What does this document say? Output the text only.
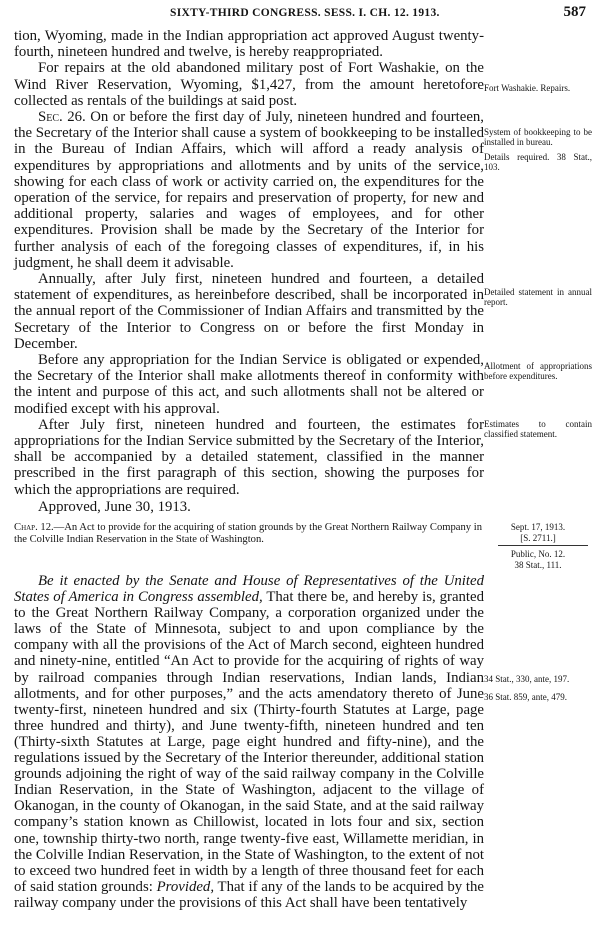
SIXTY-THIRD CONGRESS. SESS. I. CH. 12. 1913.	587

tion, Wyoming, made in the Indian appropriation act approved August twenty-fourth, nineteen hundred and twelve, is hereby reappropriated.

For repairs at the old abandoned military post of Fort Washakie, on the Wind River Reservation, Wyoming, $1,427, from the amount heretofore collected as rentals of the buildings at said post.

Sec. 26. On or before the first day of July, nineteen hundred and fourteen, the Secretary of the Interior shall cause a system of bookkeeping to be installed in the Bureau of Indian Affairs, which will afford a ready analysis of expenditures by appropriations and allotments and by units of the service, showing for each class of work or activity carried on, the expenditures for the operation of the service, for repairs and preservation of property, for new and additional property, salaries and wages of employees, and for other expenditures. Provision shall be made by the Secretary of the Interior for further analysis of each of the foregoing classes of expenditures, if, in his judgment, he shall deem it advisable.

Annually, after July first, nineteen hundred and fourteen, a detailed statement of expenditures, as hereinbefore described, shall be incorporated in the annual report of the Commissioner of Indian Affairs and transmitted by the Secretary of the Interior to Congress on or before the first Monday in December.

Before any appropriation for the Indian Service is obligated or expended, the Secretary of the Interior shall make allotments thereof in conformity with the intent and purpose of this act, and such allotments shall not be altered or modified except with his approval.

After July first, nineteen hundred and fourteen, the estimates for appropriations for the Indian Service submitted by the Secretary of the Interior, shall be accompanied by a detailed statement, classified in the manner prescribed in the first paragraph of this section, showing the purposes for which the appropriations are required.

Approved, June 30, 1913.

Fort Washakie. Repairs.
System of bookkeeping to be installed in bureau.
Details required. 38 Stat., 103.
Detailed statement in annual report.
Allotment of appropriations before expenditures.
Estimates to contain classified statement.
Chap. 12.—An Act to provide for the acquiring of station grounds by the Great Northern Railway Company in the Colville Indian Reservation in the State of Washington.
Sept. 17, 1913.
[S. 2711.]
Public, No. 12.
38 Stat., 111.

Be it enacted by the Senate and House of Representatives of the United States of America in Congress assembled, That there be, and hereby is, granted to the Great Northern Railway Company, a corporation organized under the laws of the State of Minnesota, subject to and upon compliance by the company with all the provisions of the Act of March second, eighteen hundred and ninety-nine, entitled “An Act to provide for the acquiring of rights of way by railroad companies through Indian reservations, Indian lands, Indian allotments, and for other purposes,” and the acts amendatory thereto of June twenty-first, nineteen hundred and six (Thirty-fourth Statutes at Large, page three hundred and thirty), and June twenty-fifth, nineteen hundred and ten (Thirty-sixth Statutes at Large, page eight hundred and fifty-nine), and the regulations issued by the Secretary of the Interior thereunder, additional station grounds adjoining the right of way of the said railway company in the Colville Indian Reservation, in the State of Washington, adjacent to the village of Okanogan, in the county of Okanogan, in the said State, and at the said railway company’s station known as Chillowist, located in lots four and six, section one, township thirty-two north, range twenty-five east, Willamette meridian, in the Colville Indian Reservation, in the State of Washington, to the extent of not to exceed two hundred feet in width by a length of three thousand feet for each of said station grounds: Provided, That if any of the lands to be acquired by the railway company under the provisions of this Act shall have been tentatively

34 Stat., 330, ante, 197.
36 Stat. 859, ante, 479.
